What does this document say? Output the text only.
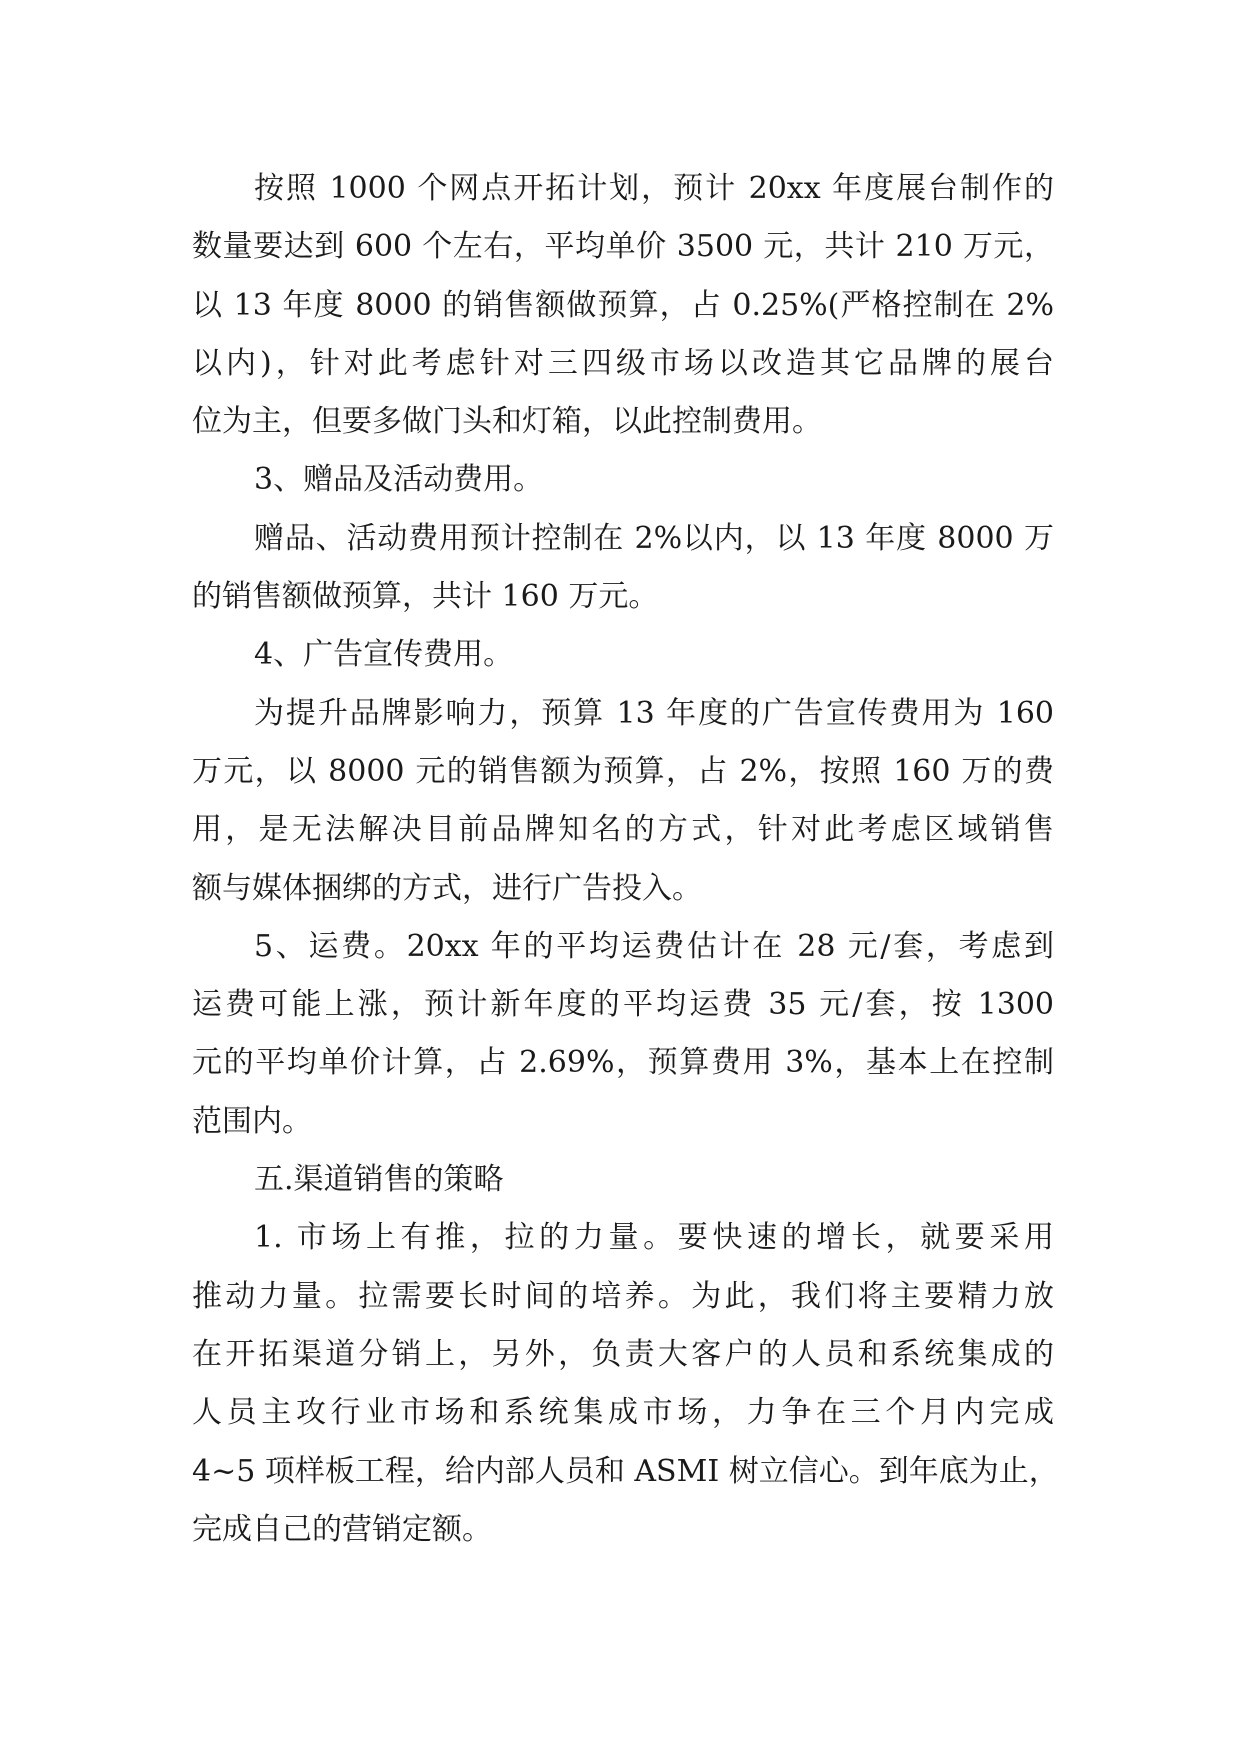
按照 1000 个网点开拓计划，预计 20xx 年度展台制作的
数量要达到 600 个左右，平均单价 3500 元，共计 210 万元，
以 13 年度 8000 的销售额做预算，占 0.25%(严格控制在 2%
以内)，针对此考虑针对三四级市场以改造其它品牌的展台
位为主，但要多做门头和灯箱，以此控制费用。
3、赠品及活动费用。
赠品、活动费用预计控制在 2%以内，以 13 年度 8000 万
的销售额做预算，共计 160 万元。
4、广告宣传费用。
为提升品牌影响力，预算 13 年度的广告宣传费用为 160
万元，以 8000 元的销售额为预算，占 2%，按照 160 万的费
用，是无法解决目前品牌知名的方式，针对此考虑区域销售
额与媒体捆绑的方式，进行广告投入。
5、运费。20xx 年的平均运费估计在 28 元/套，考虑到
运费可能上涨，预计新年度的平均运费 35 元/套，按 1300
元的平均单价计算，占 2.69%，预算费用 3%，基本上在控制
范围内。
五.渠道销售的策略
1. 市场上有推，拉的力量。要快速的增长，就要采用
推动力量。拉需要长时间的培养。为此，我们将主要精力放
在开拓渠道分销上，另外，负责大客户的人员和系统集成的
人员主攻行业市场和系统集成市场，力争在三个月内完成
4~5 项样板工程，给内部人员和 ASMI 树立信心。到年底为止，
完成自己的营销定额。
